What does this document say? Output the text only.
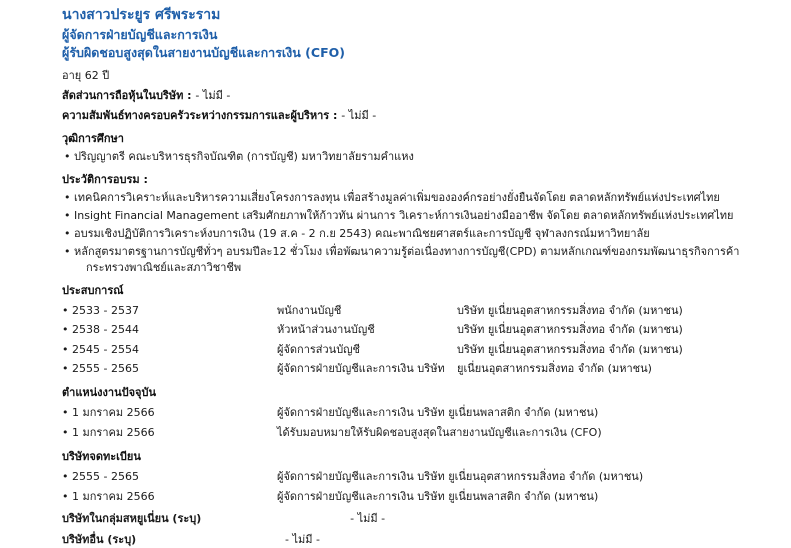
นางสาวประยูร ศรีพระราม
ผู้จัดการฝ่ายบัญชีและการเงิน
ผู้รับผิดชอบสูงสุดในสายงานบัญชีและการเงิน (CFO)
อายุ 62 ปี
สัดส่วนการถือหุ้นในบริษัท : - ไม่มี -
ความสัมพันธ์ทางครอบครัวระหว่างกรรมการและผู้บริหาร : - ไม่มี -
วุฒิการศึกษา
• ปริญญาตรี คณะบริหารธุรกิจบัณฑิต (การบัญชี) มหาวิทยาลัยรามคำแหง
ประวัติการอบรม :
• เทคนิคการวิเคราะห์และบริหารความเสี่ยงโครงการลงทุน เพื่อสร้างมูลค่าเพิ่มขององค์กรอย่างยั่งยืนจัดโดย ตลาดหลักทรัพย์แห่งประเทศไทย
• Insight Financial Management เสริมศักยภาพให้ก้าวทัน ผ่านการ วิเคราะห์การเงินอย่างมืออาชีพ จัดโดย ตลาดหลักทรัพย์แห่งประเทศไทย
• อบรมเชิงปฏิบัติการวิเคราะห์งบการเงิน (19 ส.ค - 2 ก.ย 2543) คณะพาณิชยศาสตร์และการบัญชี จุฬาลงกรณ์มหาวิทยาลัย
• หลักสูตรมาตรฐานการบัญชีทั่วๆ อบรมปีละ12 ชั่วโมง เพื่อพัฒนาความรู้ต่อเนื่องทางการบัญชี(CPD) ตามหลักเกณฑ์ของกรมพัฒนาธุรกิจการค้า
กระทรวงพาณิชย์และสภาวิชาชีพ
ประสบการณ์
• 2533 - 2537	พนักงานบัญชี	บริษัท ยูเนี่ยนอุตสาหกรรมสิ่งทอ จำกัด (มหาชน)
• 2538 - 2544	หัวหน้าส่วนงานบัญชี	บริษัท ยูเนี่ยนอุตสาหกรรมสิ่งทอ จำกัด (มหาชน)
• 2545 - 2554	ผู้จัดการส่วนบัญชี	บริษัท ยูเนี่ยนอุตสาหกรรมสิ่งทอ จำกัด (มหาชน)
• 2555 - 2565	ผู้จัดการฝ่ายบัญชีและการเงิน บริษัท	ยูเนี่ยนอุตสาหกรรมสิ่งทอ จำกัด (มหาชน)
ตำแหน่งงานปัจจุบัน
• 1 มกราคม 2566	ผู้จัดการฝ่ายบัญชีและการเงิน บริษัท ยูเนี่ยนพลาสติก จำกัด (มหาชน)
• 1 มกราคม 2566	ได้รับมอบหมายให้รับผิดชอบสูงสุดในสายงานบัญชีและการเงิน (CFO)
บริษัทจดทะเบียน
• 2555 - 2565	ผู้จัดการฝ่ายบัญชีและการเงิน บริษัท ยูเนี่ยนอุตสาหกรรมสิ่งทอ จำกัด (มหาชน)
• 1 มกราคม 2566	ผู้จัดการฝ่ายบัญชีและการเงิน บริษัท ยูเนี่ยนพลาสติก จำกัด (มหาชน)
บริษัทในกลุ่มสหยูเนี่ยน (ระบุ)	- ไม่มี -
บริษัทอื่น (ระบุ)	- ไม่มี -
